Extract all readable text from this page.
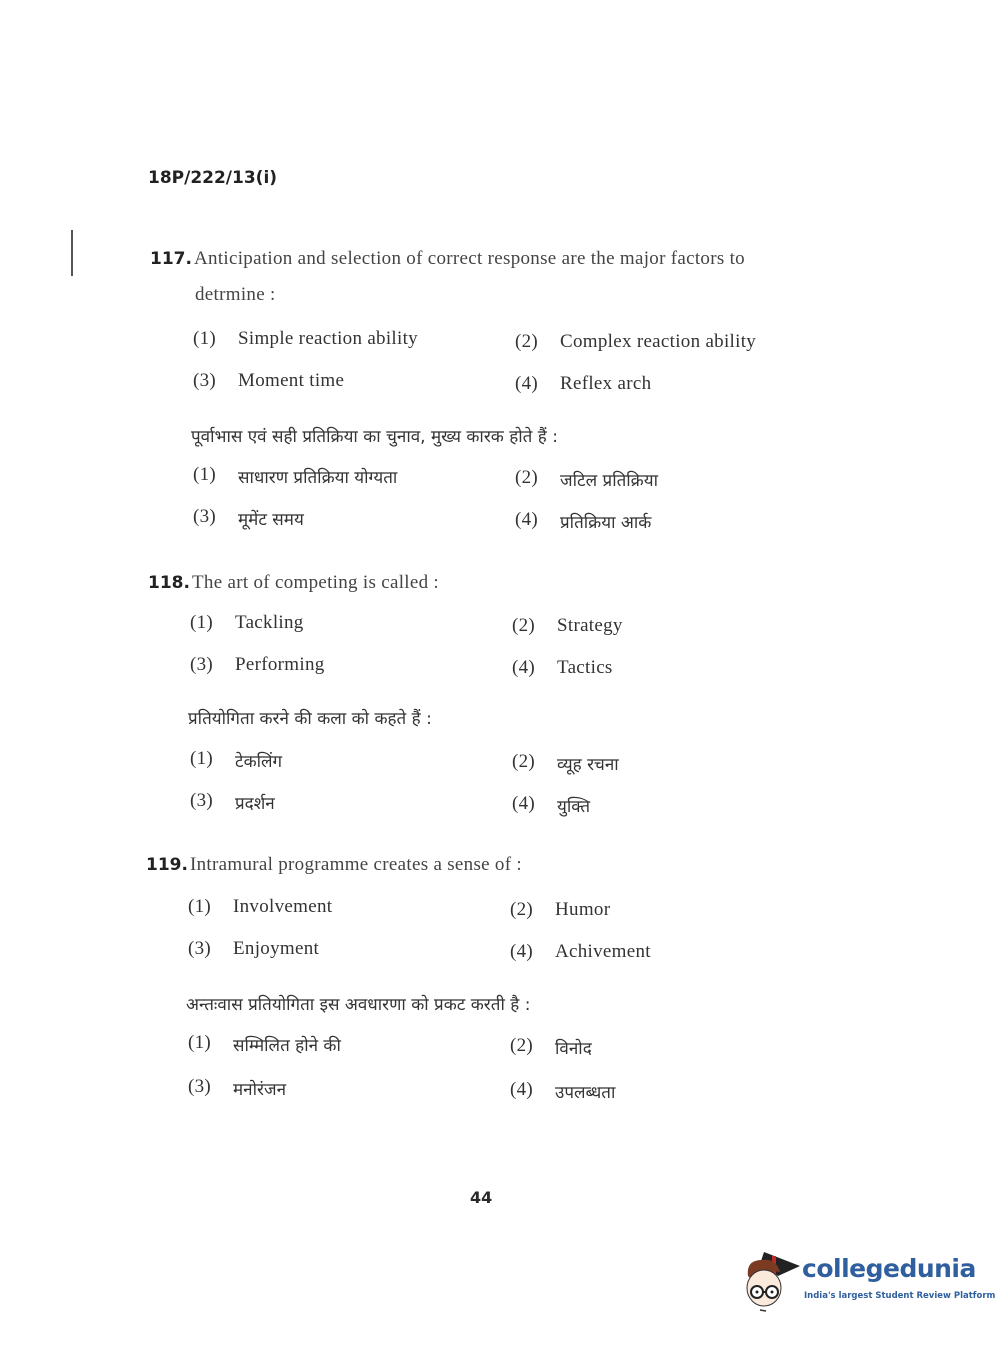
18P/222/13(i)
117. Anticipation and selection of correct response are the major factors to
detrmine :
(1) Simple reaction ability	(2) Complex reaction ability
(3) Moment time	(4) Reflex arch
पूर्वाभास एवं सही प्रतिक्रिया का चुनाव, मुख्य कारक होते हैं :
(1) साधारण प्रतिक्रिया योग्यता	(2) जटिल प्रतिक्रिया
(3) मूमेंट समय	(4) प्रतिक्रिया आर्क
118. The art of competing is called :
(1) Tackling	(2) Strategy
(3) Performing	(4) Tactics
प्रतियोगिता करने की कला को कहते हैं :
(1) टेकलिंग	(2) व्यूह रचना
(3) प्रदर्शन	(4) युक्ति
119. Intramural programme creates a sense of :
(1) Involvement	(2) Humor
(3) Enjoyment	(4) Achivement
अन्तःवास प्रतियोगिता इस अवधारणा को प्रकट करती है :
(1) सम्मिलित होने की	(2) विनोद
(3) मनोरंजन	(4) उपलब्धता
44
collegedunia
India's largest Student Review Platform
